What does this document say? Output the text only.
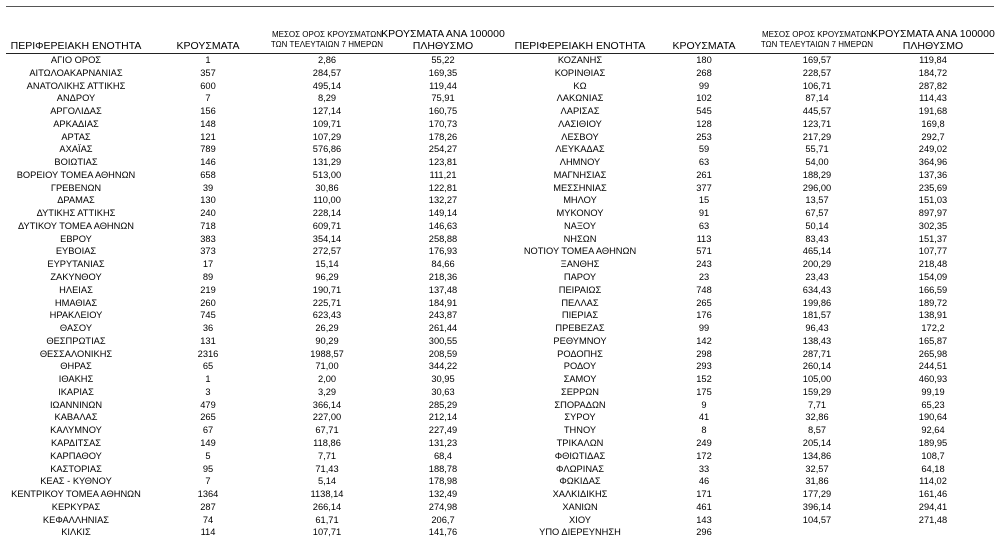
ΠΕΡΙΦΕΡΕΙΑΚΗ ΕΝΟΤΗΤΑ	ΚΡΟΥΣΜΑΤΑ
ΜΕΣΟΣ ΟΡΟΣ ΚΡΟΥΣΜΑΤΩΝ
ΤΩΝ ΤΕΛΕΥΤΑΙΩΝ 7 ΗΜΕΡΩΝ
ΚΡΟΥΣΜΑΤΑ ΑΝΑ 100000
ΠΛΗΘΥΣΜΟ
ΑΓΙΟ ΟΡΟΣ	1	2,86	55,22
ΑΙΤΩΛΟΑΚΑΡΝΑΝΙΑΣ	357	284,57	169,35
ΑΝΑΤΟΛΙΚΗΣ ΑΤΤΙΚΗΣ	600	495,14	119,44
ΑΝΔΡΟΥ	7	8,29	75,91
ΑΡΓΟΛΙΔΑΣ	156	127,14	160,75
ΑΡΚΑΔΙΑΣ	148	109,71	170,73
ΑΡΤΑΣ	121	107,29	178,26
ΑΧΑΪΑΣ	789	576,86	254,27
ΒΟΙΩΤΙΑΣ	146	131,29	123,81
ΒΟΡΕΙΟΥ ΤΟΜΕΑ ΑΘΗΝΩΝ	658	513,00	111,21
ΓΡΕΒΕΝΩΝ	39	30,86	122,81
ΔΡΑΜΑΣ	130	110,00	132,27
ΔΥΤΙΚΗΣ ΑΤΤΙΚΗΣ	240	228,14	149,14
ΔΥΤΙΚΟΥ ΤΟΜΕΑ ΑΘΗΝΩΝ	718	609,71	146,63
ΕΒΡΟΥ	383	354,14	258,88
ΕΥΒΟΙΑΣ	373	272,57	176,93
ΕΥΡΥΤΑΝΙΑΣ	17	15,14	84,66
ΖΑΚΥΝΘΟΥ	89	96,29	218,36
ΗΛΕΙΑΣ	219	190,71	137,48
ΗΜΑΘΙΑΣ	260	225,71	184,91
ΗΡΑΚΛΕΙΟΥ	745	623,43	243,87
ΘΑΣΟΥ	36	26,29	261,44
ΘΕΣΠΡΩΤΙΑΣ	131	90,29	300,55
ΘΕΣΣΑΛΟΝΙΚΗΣ	2316	1988,57	208,59
ΘΗΡΑΣ	65	71,00	344,22
ΙΘΑΚΗΣ	1	2,00	30,95
ΙΚΑΡΙΑΣ	3	3,29	30,63
ΙΩΑΝΝΙΝΩΝ	479	366,14	285,29
ΚΑΒΑΛΑΣ	265	227,00	212,14
ΚΑΛΥΜΝΟΥ	67	67,71	227,49
ΚΑΡΔΙΤΣΑΣ	149	118,86	131,23
ΚΑΡΠΑΘΟΥ	5	7,71	68,4
ΚΑΣΤΟΡΙΑΣ	95	71,43	188,78
ΚΕΑΣ - ΚΥΘΝΟΥ	7	5,14	178,98
ΚΕΝΤΡΙΚΟΥ ΤΟΜΕΑ ΑΘΗΝΩΝ	1364	1138,14	132,49
ΚΕΡΚΥΡΑΣ	287	266,14	274,98
ΚΕΦΑΛΛΗΝΙΑΣ	74	61,71	206,7
ΚΙΛΚΙΣ	114	107,71	141,76
ΠΕΡΙΦΕΡΕΙΑΚΗ ΕΝΟΤΗΤΑ	ΚΡΟΥΣΜΑΤΑ
ΜΕΣΟΣ ΟΡΟΣ ΚΡΟΥΣΜΑΤΩΝ
ΤΩΝ ΤΕΛΕΥΤΑΙΩΝ 7 ΗΜΕΡΩΝ
ΚΡΟΥΣΜΑΤΑ ΑΝΑ 100000
ΠΛΗΘΥΣΜΟ
ΚΟΖΑΝΗΣ	180	169,57	119,84
ΚΟΡΙΝΘΙΑΣ	268	228,57	184,72
ΚΩ	99	106,71	287,82
ΛΑΚΩΝΙΑΣ	102	87,14	114,43
ΛΑΡΙΣΑΣ	545	445,57	191,68
ΛΑΣΙΘΙΟΥ	128	123,71	169,8
ΛΕΣΒΟΥ	253	217,29	292,7
ΛΕΥΚΑΔΑΣ	59	55,71	249,02
ΛΗΜΝΟΥ	63	54,00	364,96
ΜΑΓΝΗΣΙΑΣ	261	188,29	137,36
ΜΕΣΣΗΝΙΑΣ	377	296,00	235,69
ΜΗΛΟΥ	15	13,57	151,03
ΜΥΚΟΝΟΥ	91	67,57	897,97
ΝΑΞΟΥ	63	50,14	302,35
ΝΗΣΩΝ	113	83,43	151,37
ΝΟΤΙΟΥ ΤΟΜΕΑ ΑΘΗΝΩΝ	571	465,14	107,77
ΞΑΝΘΗΣ	243	200,29	218,48
ΠΑΡΟΥ	23	23,43	154,09
ΠΕΙΡΑΙΩΣ	748	634,43	166,59
ΠΕΛΛΑΣ	265	199,86	189,72
ΠΙΕΡΙΑΣ	176	181,57	138,91
ΠΡΕΒΕΖΑΣ	99	96,43	172,2
ΡΕΘΥΜΝΟΥ	142	138,43	165,87
ΡΟΔΟΠΗΣ	298	287,71	265,98
ΡΟΔΟΥ	293	260,14	244,51
ΣΑΜΟΥ	152	105,00	460,93
ΣΕΡΡΩΝ	175	159,29	99,19
ΣΠΟΡΑΔΩΝ	9	7,71	65,23
ΣΥΡΟΥ	41	32,86	190,64
ΤΗΝΟΥ	8	8,57	92,64
ΤΡΙΚΑΛΩΝ	249	205,14	189,95
ΦΘΙΩΤΙΔΑΣ	172	134,86	108,7
ΦΛΩΡΙΝΑΣ	33	32,57	64,18
ΦΩΚΙΔΑΣ	46	31,86	114,02
ΧΑΛΚΙΔΙΚΗΣ	171	177,29	161,46
ΧΑΝΙΩΝ	461	396,14	294,41
ΧΙΟΥ	143	104,57	271,48
ΥΠΟ ΔΙΕΡΕΥΝΗΣΗ	296
